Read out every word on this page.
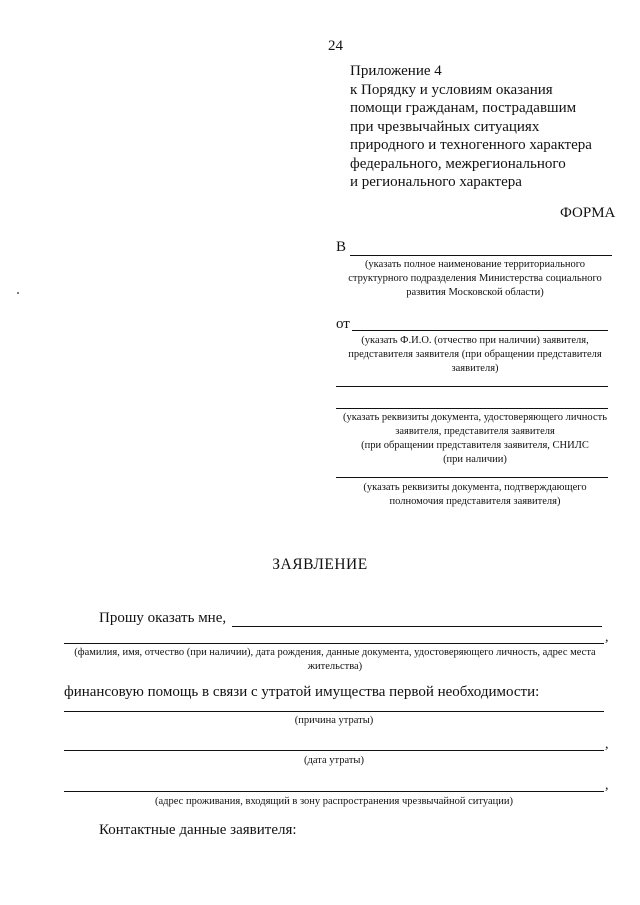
24
Приложение 4
к Порядку и условиям оказания
помощи гражданам, пострадавшим
при чрезвычайных ситуациях
природного и техногенного характера
федерального, межрегионального
и регионального характера
ФОРМА
В
(указать полное наименование территориального
структурного подразделения Министерства социального
развития Московской области)
от
(указать Ф.И.О. (отчество при наличии) заявителя,
представителя заявителя (при обращении представителя
заявителя)
(указать реквизиты документа, удостоверяющего личность
заявителя, представителя заявителя
(при обращении представителя заявителя, СНИЛС
(при наличии)
(указать реквизиты документа, подтверждающего
полномочия представителя заявителя)
ЗАЯВЛЕНИЕ
Прошу оказать мне,
,
(фамилия, имя, отчество (при наличии), дата рождения, данные документа, удостоверяющего личность, адрес места
жительства)
финансовую помощь в связи с утратой имущества первой необходимости:
(причина утраты)
,
(дата утраты)
,
(адрес проживания, входящий в зону распространения чрезвычайной ситуации)
Контактные данные заявителя:
